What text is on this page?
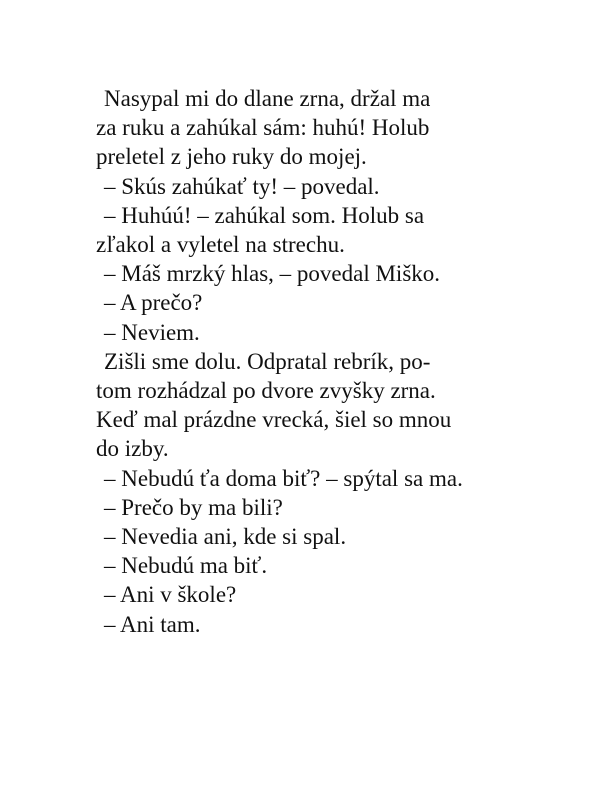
Nasypal mi do dlane zrna, držal ma
za ruku a zahúkal sám: huhú! Holub
preletel z jeho ruky do mojej.
– Skús zahúkať ty! – povedal.
– Huhúú! – zahúkal som. Holub sa
zľakol a vyletel na strechu.
– Máš mrzký hlas, – povedal Miško.
– A prečo?
– Neviem.
Zišli sme dolu. Odpratal rebrík, po-
tom rozhádzal po dvore zvyšky zrna.
Keď mal prázdne vrecká, šiel so mnou
do izby.
– Nebudú ťa doma biť? – spýtal sa ma.
– Prečo by ma bili?
– Nevedia ani, kde si spal.
– Nebudú ma biť.
– Ani v škole?
– Ani tam.
